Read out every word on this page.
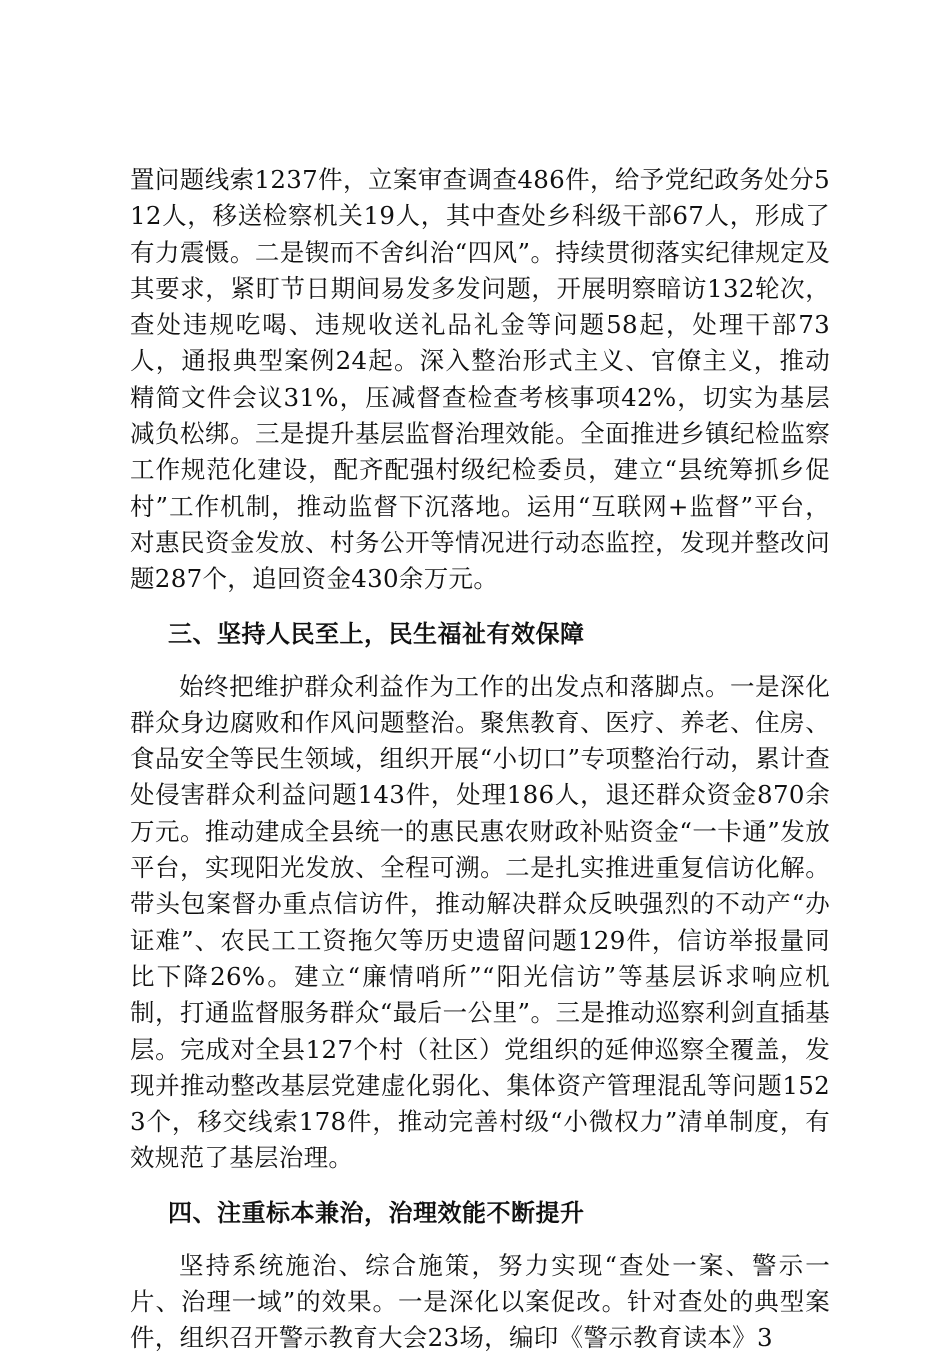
置问题线索1237件，立案审查调查486件，给予党纪政务处分512人，移送检察机关19人，其中查处乡科级干部67人，形成了有力震慑。二是锲而不舍纠治“四风”。持续贯彻落实纪律规定及其要求，紧盯节日期间易发多发问题，开展明察暗访132轮次，查处违规吃喝、违规收送礼品礼金等问题58起，处理干部73人，通报典型案例24起。深入整治形式主义、官僚主义，推动精简文件会议31%，压减督查检查考核事项42%，切实为基层减负松绑。三是提升基层监督治理效能。全面推进乡镇纪检监察工作规范化建设，配齐配强村级纪检委员，建立“县统筹抓乡促村”工作机制，推动监督下沉落地。运用“互联网+监督”平台，对惠民资金发放、村务公开等情况进行动态监控，发现并整改问题287个，追回资金430余万元。

三、坚持人民至上，民生福祉有效保障

始终把维护群众利益作为工作的出发点和落脚点。一是深化群众身边腐败和作风问题整治。聚焦教育、医疗、养老、住房、食品安全等民生领域，组织开展“小切口”专项整治行动，累计查处侵害群众利益问题143件，处理186人，退还群众资金870余万元。推动建成全县统一的惠民惠农财政补贴资金“一卡通”发放平台，实现阳光发放、全程可溯。二是扎实推进重复信访化解。带头包案督办重点信访件，推动解决群众反映强烈的不动产“办证难”、农民工工资拖欠等历史遗留问题129件，信访举报量同比下降26%。建立“廉情哨所”“阳光信访”等基层诉求响应机制，打通监督服务群众“最后一公里”。三是推动巡察利剑直插基层。完成对全县127个村（社区）党组织的延伸巡察全覆盖，发现并推动整改基层党建虚化弱化、集体资产管理混乱等问题1523个，移交线索178件，推动完善村级“小微权力”清单制度，有效规范了基层治理。

四、注重标本兼治，治理效能不断提升

坚持系统施治、综合施策，努力实现“查处一案、警示一片、治理一域”的效果。一是深化以案促改。针对查处的典型案件，组织召开警示教育大会23场，编印《警示教育读本》3
